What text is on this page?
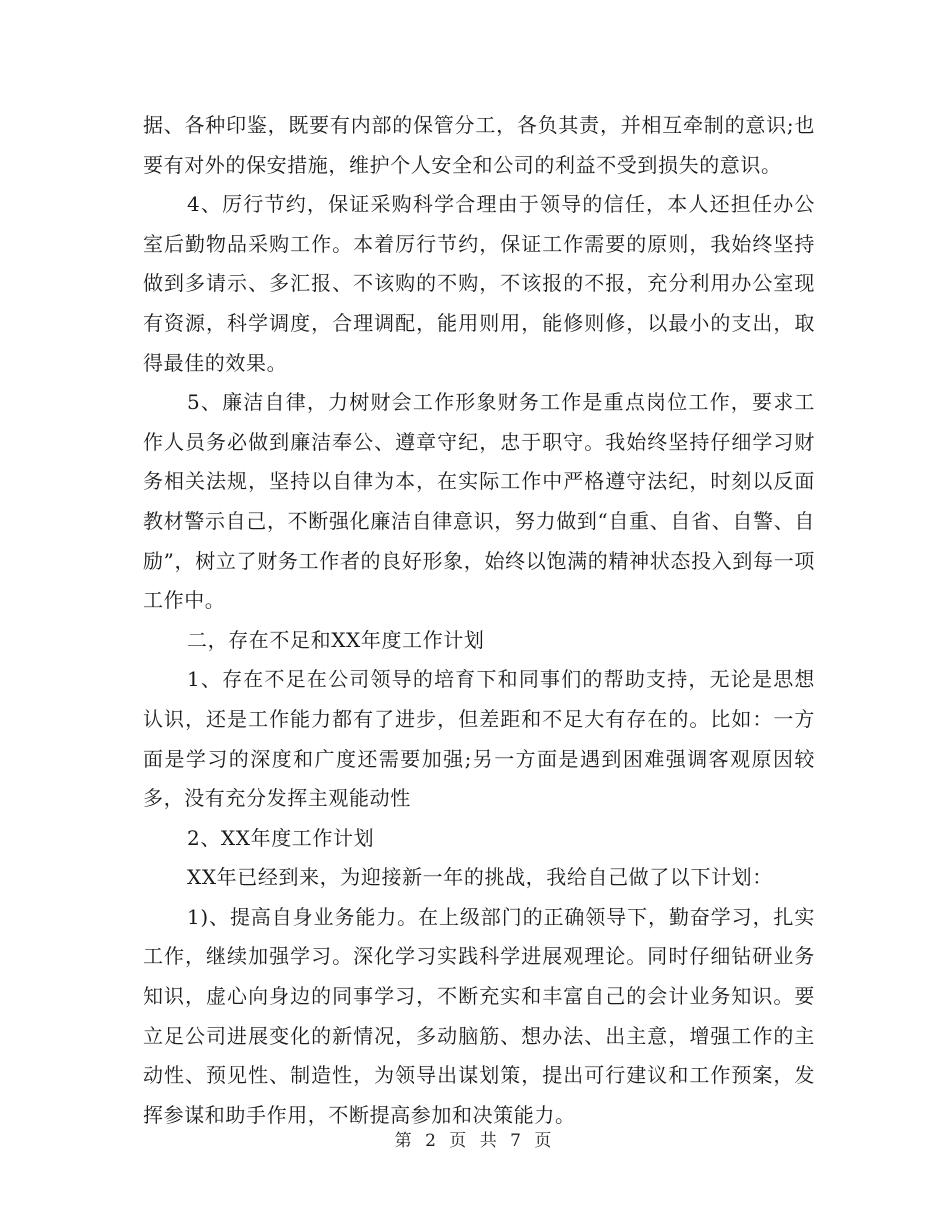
据、各种印鉴，既要有内部的保管分工，各负其责，并相互牵制的意识;也要有对外的保安措施，维护个人安全和公司的利益不受到损失的意识。

4、厉行节约，保证采购科学合理由于领导的信任，本人还担任办公室后勤物品采购工作。本着厉行节约，保证工作需要的原则，我始终坚持做到多请示、多汇报、不该购的不购，不该报的不报，充分利用办公室现有资源，科学调度，合理调配，能用则用，能修则修，以最小的支出，取得最佳的效果。

5、廉洁自律，力树财会工作形象财务工作是重点岗位工作，要求工作人员务必做到廉洁奉公、遵章守纪，忠于职守。我始终坚持仔细学习财务相关法规，坚持以自律为本，在实际工作中严格遵守法纪，时刻以反面教材警示自己，不断强化廉洁自律意识，努力做到“自重、自省、自警、自励”，树立了财务工作者的良好形象，始终以饱满的精神状态投入到每一项工作中。

二，存在不足和XX年度工作计划

1、存在不足在公司领导的培育下和同事们的帮助支持，无论是思想认识，还是工作能力都有了进步，但差距和不足大有存在的。比如：一方面是学习的深度和广度还需要加强;另一方面是遇到困难强调客观原因较多，没有充分发挥主观能动性

2、XX年度工作计划

XX年已经到来，为迎接新一年的挑战，我给自己做了以下计划：

1)、提高自身业务能力。在上级部门的正确领导下，勤奋学习，扎实工作，继续加强学习。深化学习实践科学进展观理论。同时仔细钻研业务知识，虚心向身边的同事学习，不断充实和丰富自己的会计业务知识。要立足公司进展变化的新情况，多动脑筋、想办法、出主意，增强工作的主动性、预见性、制造性，为领导出谋划策，提出可行建议和工作预案，发挥参谋和助手作用，不断提高参加和决策能力。

第 2 页 共 7 页
